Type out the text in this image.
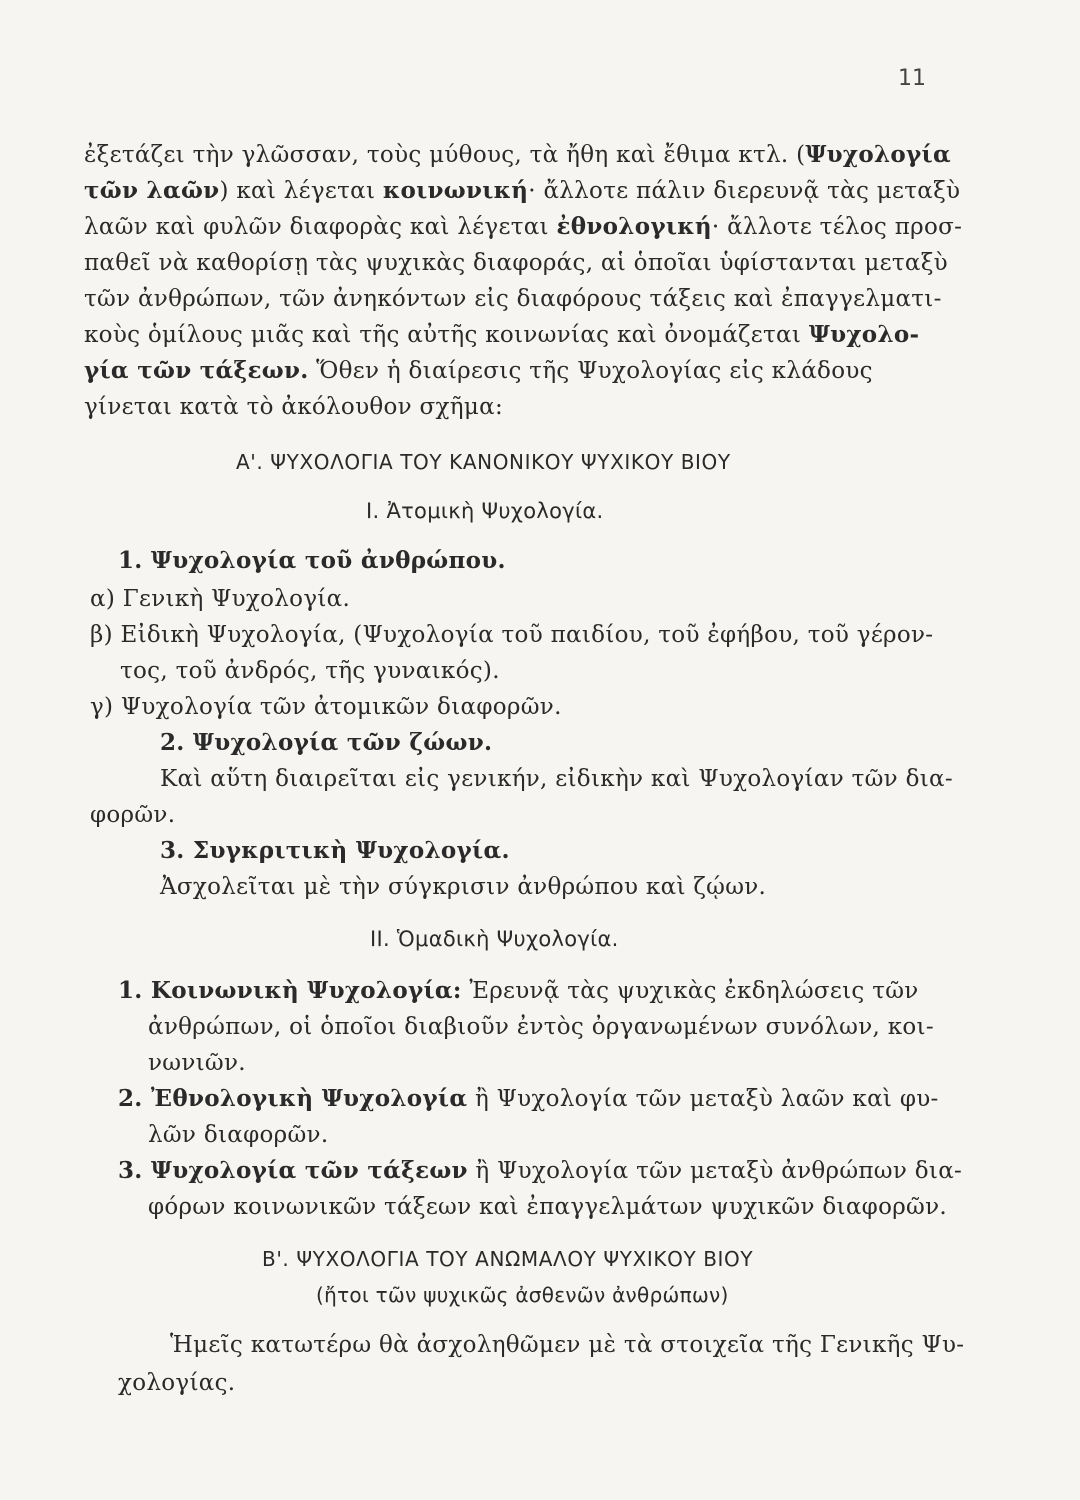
11
ἐξετάζει τὴν γλῶσσαν, τοὺς μύθους, τὰ ἤθη καὶ ἔθιμα κτλ. (Ψυχολογία
τῶν λαῶν) καὶ λέγεται κοινωνική· ἄλλοτε πάλιν διερευνᾷ τὰς μεταξὺ
λαῶν καὶ φυλῶν διαφορὰς καὶ λέγεται ἐθνολογική· ἄλλοτε τέλος προσ-
παθεῖ νὰ καθορίσῃ τὰς ψυχικὰς διαφοράς, αἱ ὁποῖαι ὑφίστανται μεταξὺ
τῶν ἀνθρώπων, τῶν ἀνηκόντων εἰς διαφόρους τάξεις καὶ ἐπαγγελματι-
κοὺς ὁμίλους μιᾶς καὶ τῆς αὐτῆς κοινωνίας καὶ ὀνομάζεται Ψυχολο-
γία τῶν τάξεων. Ὅθεν ἡ διαίρεσις τῆς Ψυχολογίας εἰς κλάδους
γίνεται κατὰ τὸ ἀκόλουθον σχῆμα:
Α'. ΨΥΧΟΛΟΓΙΑ ΤΟΥ ΚΑΝΟΝΙΚΟΥ ΨΥΧΙΚΟΥ ΒΙΟΥ
Ι. Ἀτομικὴ Ψυχολογία.
1. Ψυχολογία τοῦ ἀνθρώπου.
α) Γενικὴ Ψυχολογία.
β) Εἰδικὴ Ψυχολογία, (Ψυχολογία τοῦ παιδίου, τοῦ ἐφήβου, τοῦ γέρον-
τος, τοῦ ἀνδρός, τῆς γυναικός).
γ) Ψυχολογία τῶν ἀτομικῶν διαφορῶν.
2. Ψυχολογία τῶν ζώων.
Καὶ αὕτη διαιρεῖται εἰς γενικήν, εἰδικὴν καὶ Ψυχολογίαν τῶν δια-
φορῶν.
3. Συγκριτικὴ Ψυχολογία.
Ἀσχολεῖται μὲ τὴν σύγκρισιν ἀνθρώπου καὶ ζῴων.
ΙΙ. Ὁμαδικὴ Ψυχολογία.
1. Κοινωνικὴ Ψυχολογία: Ἐρευνᾷ τὰς ψυχικὰς ἐκδηλώσεις τῶν
ἀνθρώπων, οἱ ὁποῖοι διαβιοῦν ἐντὸς ὀργανωμένων συνόλων, κοι-
νωνιῶν.
2. Ἐθνολογικὴ Ψυχολογία ἢ Ψυχολογία τῶν μεταξὺ λαῶν καὶ φυ-
λῶν διαφορῶν.
3. Ψυχολογία τῶν τάξεων ἢ Ψυχολογία τῶν μεταξὺ ἀνθρώπων δια-
φόρων κοινωνικῶν τάξεων καὶ ἐπαγγελμάτων ψυχικῶν διαφορῶν.
Β'. ΨΥΧΟΛΟΓΙΑ ΤΟΥ ΑΝΩΜΑΛΟΥ ΨΥΧΙΚΟΥ ΒΙΟΥ
(ἤτοι τῶν ψυχικῶς ἀσθενῶν ἀνθρώπων)
Ἡμεῖς κατωτέρω θὰ ἀσχοληθῶμεν μὲ τὰ στοιχεῖα τῆς Γενικῆς Ψυ-
χολογίας.
